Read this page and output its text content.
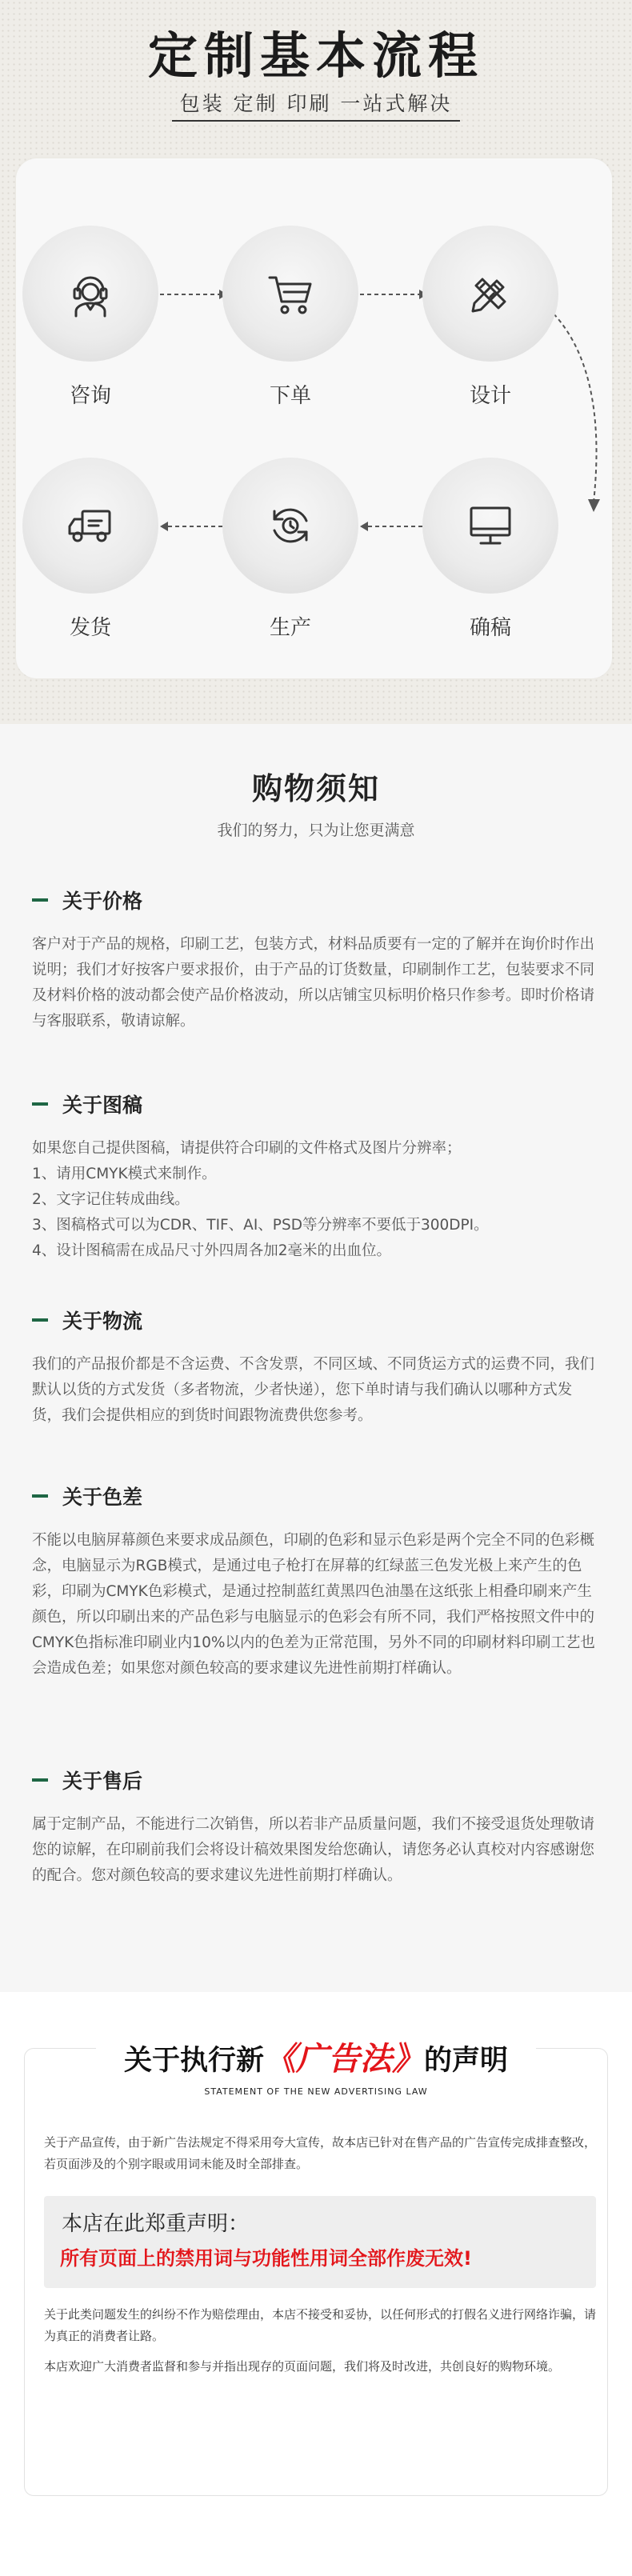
定制基本流程
包装 定制 印刷 一站式解决
咨询	下单	设计
确稿
生产
发货
购物须知
我们的努力，只为让您更满意
关于价格

客户对于产品的规格，印刷工艺，包装方式，材料品质要有一定的了解并在询价时作出说明；我们才好按客户要求报价，由于产品的订货数量，印刷制作工艺，包装要求不同及材料价格的波动都会使产品价格波动，所以店铺宝贝标明价格只作参考。即时价格请与客服联系，敬请谅解。

关于图稿

如果您自己提供图稿，请提供符合印刷的文件格式及图片分辨率；

1、请用CMYK模式来制作。

2、文字记住转成曲线。

3、图稿格式可以为CDR、TIF、AI、PSD等分辨率不要低于300DPI。

4、设计图稿需在成品尺寸外四周各加2毫米的出血位。

关于物流

我们的产品报价都是不含运费、不含发票，不同区域、不同货运方式的运费不同，我们默认以货的方式发货（多者物流，少者快递），您下单时请与我们确认以哪种方式发货，我们会提供相应的到货时间跟物流费供您参考。

关于色差

不能以电脑屏幕颜色来要求成品颜色，印刷的色彩和显示色彩是两个完全不同的色彩概念，电脑显示为RGB模式，是通过电子枪打在屏幕的红绿蓝三色发光极上来产生的色彩，印刷为CMYK色彩模式，是通过控制蓝红黄黑四色油墨在这纸张上相叠印刷来产生颜色，所以印刷出来的产品色彩与电脑显示的色彩会有所不同，我们严格按照文件中的CMYK色指标准印刷业内10%以内的色差为正常范围，另外不同的印刷材料印刷工艺也会造成色差；如果您对颜色较高的要求建议先进性前期打样确认。

关于售后

属于定制产品，不能进行二次销售，所以若非产品质量问题，我们不接受退货处理敬请您的谅解，在印刷前我们会将设计稿效果图发给您确认，请您务必认真校对内容感谢您的配合。您对颜色较高的要求建议先进性前期打样确认。

关于执行新《广告法》的声明
STATEMENT OF THE NEW ADVERTISING LAW

关于产品宣传，由于新广告法规定不得采用夸大宣传，故本店已针对在售产品的广告宣传完成排查整改，若页面涉及的个别字眼或用词未能及时全部排查。

本店在此郑重声明：
所有页面上的禁用词与功能性用词全部作废无效!

关于此类问题发生的纠纷不作为赔偿理由，本店不接受和妥协，以任何形式的打假名义进行网络诈骗，请为真正的消费者让路。

本店欢迎广大消费者监督和参与并指出现存的页面问题，我们将及时改进，共创良好的购物环境。
